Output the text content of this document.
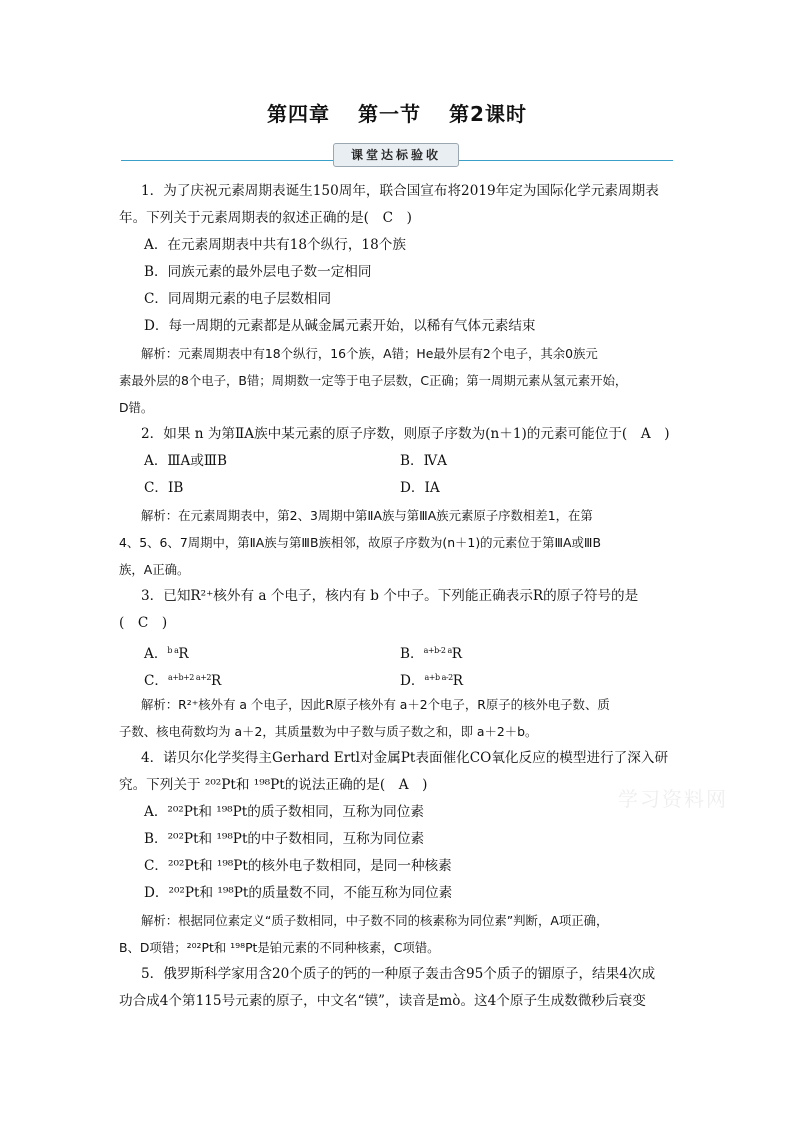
第四章 第一节 第2课时
课堂达标验收
1．为了庆祝元素周期表诞生150周年，联合国宣布将2019年定为国际化学元素周期表
年。下列关于元素周期表的叙述正确的是(　C　)
A．在元素周期表中共有18个纵行，18个族
B．同族元素的最外层电子数一定相同
C．同周期元素的电子层数相同
D．每一周期的元素都是从碱金属元素开始，以稀有气体元素结束
解析：元素周期表中有18个纵行，16个族，A错；He最外层有2个电子，其余0族元
素最外层的8个电子，B错；周期数一定等于电子层数，C正确；第一周期元素从氢元素开始，
D错。
2．如果 n 为第ⅡA族中某元素的原子序数，则原子序数为(n＋1)的元素可能位于(　A　)
A．ⅢA或ⅢB	B．ⅣA
C．ⅠB	D．ⅠA
解析：在元素周期表中，第2、3周期中第ⅡA族与第ⅢA族元素原子序数相差1，在第
4、5、6、7周期中，第ⅡA族与第ⅢB族相邻，故原子序数为(n＋1)的元素位于第ⅢA或ⅢB
族，A正确。
3．已知R²⁺核外有 a 个电子，核内有 b 个中子。下列能正确表示R的原子符号的是
(　C　)
A．$^{b a}$R	B．$^{a+b-2 a}$R
C．$^{a+b+2 a+2}$R	D．$^{a+b a-2}$R
解析：R²⁺核外有 a 个电子，因此R原子核外有 a＋2个电子，R原子的核外电子数、质
子数、核电荷数均为 a＋2，其质量数为中子数与质子数之和，即 a＋2＋b。
4．诺贝尔化学奖得主Gerhard Ertl对金属Pt表面催化CO氧化反应的模型进行了深入研
究。下列关于 ²⁰²Pt和 ¹⁹⁸Pt的说法正确的是(　A　)
A．²⁰²Pt和 ¹⁹⁸Pt的质子数相同，互称为同位素
B．²⁰²Pt和 ¹⁹⁸Pt的中子数相同，互称为同位素
C．²⁰²Pt和 ¹⁹⁸Pt的核外电子数相同，是同一种核素
D．²⁰²Pt和 ¹⁹⁸Pt的质量数不同，不能互称为同位素
解析：根据同位素定义“质子数相同，中子数不同的核素称为同位素”判断，A项正确，
B、D项错；²⁰²Pt和 ¹⁹⁸Pt是铂元素的不同种核素，C项错。
5．俄罗斯科学家用含20个质子的钙的一种原子轰击含95个质子的镅原子，结果4次成
功合成4个第115号元素的原子，中文名“镆”，读音是mò。这4个原子生成数微秒后衰变
学习资料网
